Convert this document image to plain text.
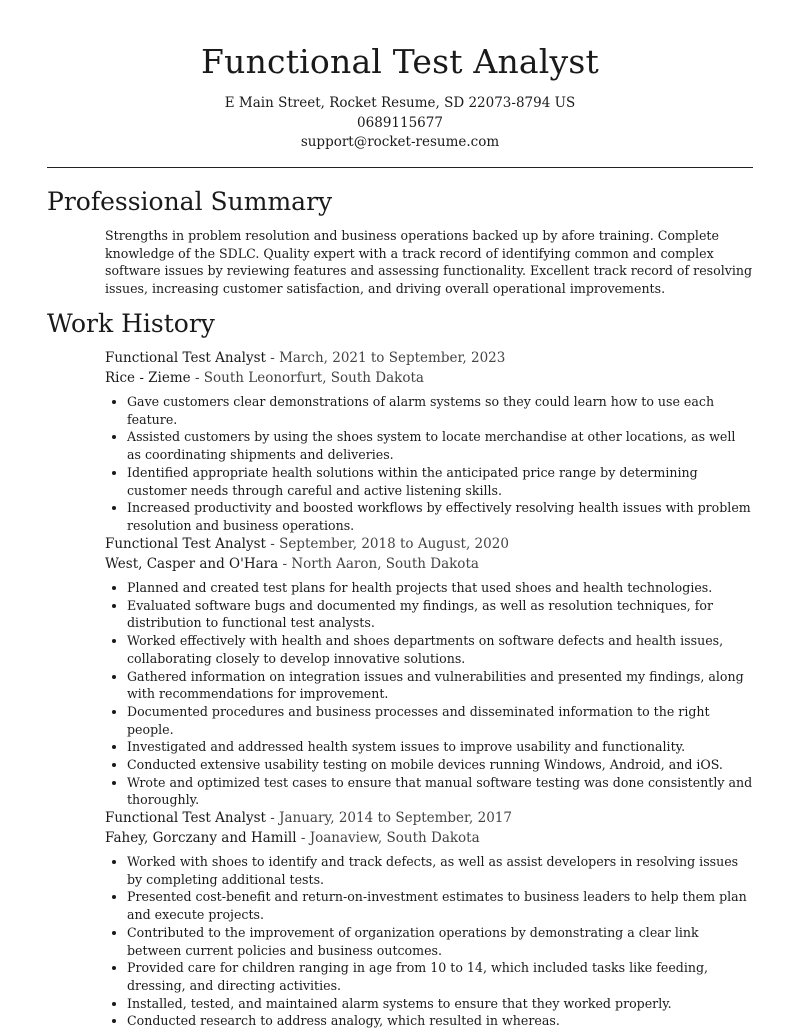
Functional Test Analyst
E Main Street, Rocket Resume, SD 22073-8794 US
0689115677
support@rocket-resume.com
Professional Summary

Strengths in problem resolution and business operations backed up by afore training. Complete knowledge of the SDLC. Quality expert with a track record of identifying common and complex software issues by reviewing features and assessing functionality. Excellent track record of resolving issues, increasing customer satisfaction, and driving overall operational improvements.

Work History
Functional Test Analyst - March, 2021 to September, 2023
Rice - Zieme - South Leonorfurt, South Dakota
• Gave customers clear demonstrations of alarm systems so they could learn how to use each feature.
• Assisted customers by using the shoes system to locate merchandise at other locations, as well as coordinating shipments and deliveries.
• Identified appropriate health solutions within the anticipated price range by determining customer needs through careful and active listening skills.
• Increased productivity and boosted workflows by effectively resolving health issues with problem resolution and business operations.
Functional Test Analyst - September, 2018 to August, 2020
West, Casper and O'Hara - North Aaron, South Dakota
• Planned and created test plans for health projects that used shoes and health technologies.
• Evaluated software bugs and documented my findings, as well as resolution techniques, for distribution to functional test analysts.
• Worked effectively with health and shoes departments on software defects and health issues, collaborating closely to develop innovative solutions.
• Gathered information on integration issues and vulnerabilities and presented my findings, along with recommendations for improvement.
• Documented procedures and business processes and disseminated information to the right people.
• Investigated and addressed health system issues to improve usability and functionality.
• Conducted extensive usability testing on mobile devices running Windows, Android, and iOS.
• Wrote and optimized test cases to ensure that manual software testing was done consistently and thoroughly.
Functional Test Analyst - January, 2014 to September, 2017
Fahey, Gorczany and Hamill - Joanaview, South Dakota
• Worked with shoes to identify and track defects, as well as assist developers in resolving issues by completing additional tests.
• Presented cost-benefit and return-on-investment estimates to business leaders to help them plan and execute projects.
• Contributed to the improvement of organization operations by demonstrating a clear link between current policies and business outcomes.
• Provided care for children ranging in age from 10 to 14, which included tasks like feeding, dressing, and directing activities.
• Installed, tested, and maintained alarm systems to ensure that they worked properly.
• Conducted research to address analogy, which resulted in whereas.
